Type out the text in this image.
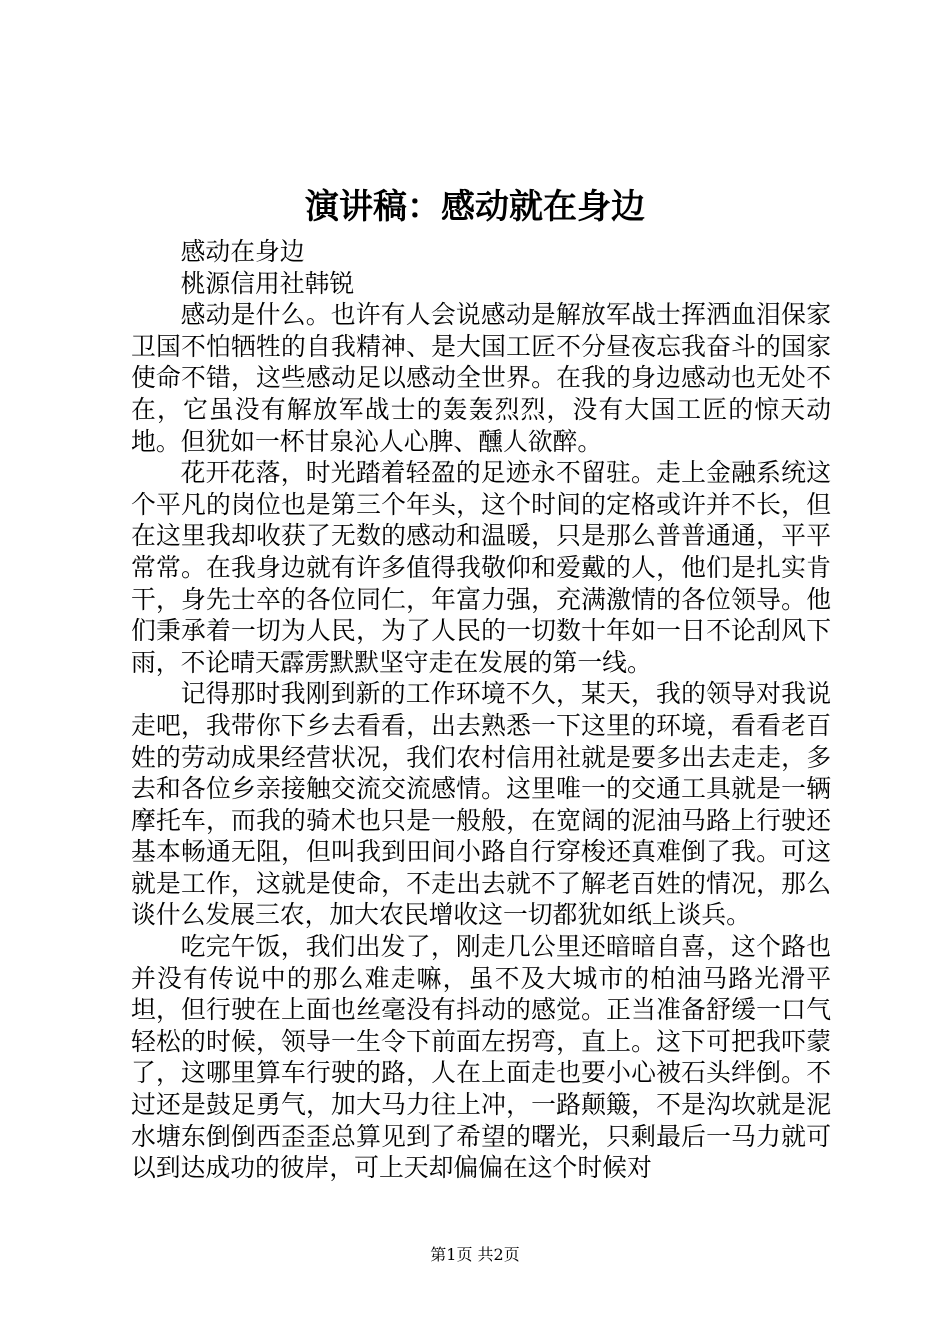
演讲稿：感动就在身边

感动在身边

桃源信用社韩锐

感动是什么。也许有人会说感动是解放军战士挥洒血泪保家卫国不怕牺牲的自我精神、是大国工匠不分昼夜忘我奋斗的国家使命不错，这些感动足以感动全世界。在我的身边感动也无处不在，它虽没有解放军战士的轰轰烈烈，没有大国工匠的惊天动地。但犹如一杯甘泉沁人心脾、醺人欲醉。

花开花落，时光踏着轻盈的足迹永不留驻。走上金融系统这个平凡的岗位也是第三个年头，这个时间的定格或许并不长，但在这里我却收获了无数的感动和温暖，只是那么普普通通，平平常常。在我身边就有许多值得我敬仰和爱戴的人，他们是扎实肯干，身先士卒的各位同仁，年富力强，充满激情的各位领导。他们秉承着一切为人民，为了人民的一切数十年如一日不论刮风下雨，不论晴天霹雳默默坚守走在发展的第一线。

记得那时我刚到新的工作环境不久，某天，我的领导对我说走吧，我带你下乡去看看，出去熟悉一下这里的环境，看看老百姓的劳动成果经营状况，我们农村信用社就是要多出去走走，多去和各位乡亲接触交流交流感情。这里唯一的交通工具就是一辆摩托车，而我的骑术也只是一般般，在宽阔的泥油马路上行驶还基本畅通无阻，但叫我到田间小路自行穿梭还真难倒了我。可这就是工作，这就是使命，不走出去就不了解老百姓的情况，那么谈什么发展三农，加大农民增收这一切都犹如纸上谈兵。

吃完午饭，我们出发了，刚走几公里还暗暗自喜，这个路也并没有传说中的那么难走嘛，虽不及大城市的柏油马路光滑平坦，但行驶在上面也丝毫没有抖动的感觉。正当准备舒缓一口气轻松的时候，领导一生令下前面左拐弯，直上。这下可把我吓蒙了，这哪里算车行驶的路，人在上面走也要小心被石头绊倒。不过还是鼓足勇气，加大马力往上冲，一路颠簸，不是沟坎就是泥水塘东倒倒西歪歪总算见到了希望的曙光，只剩最后一马力就可以到达成功的彼岸，可上天却偏偏在这个时候对

第1页 共2页
